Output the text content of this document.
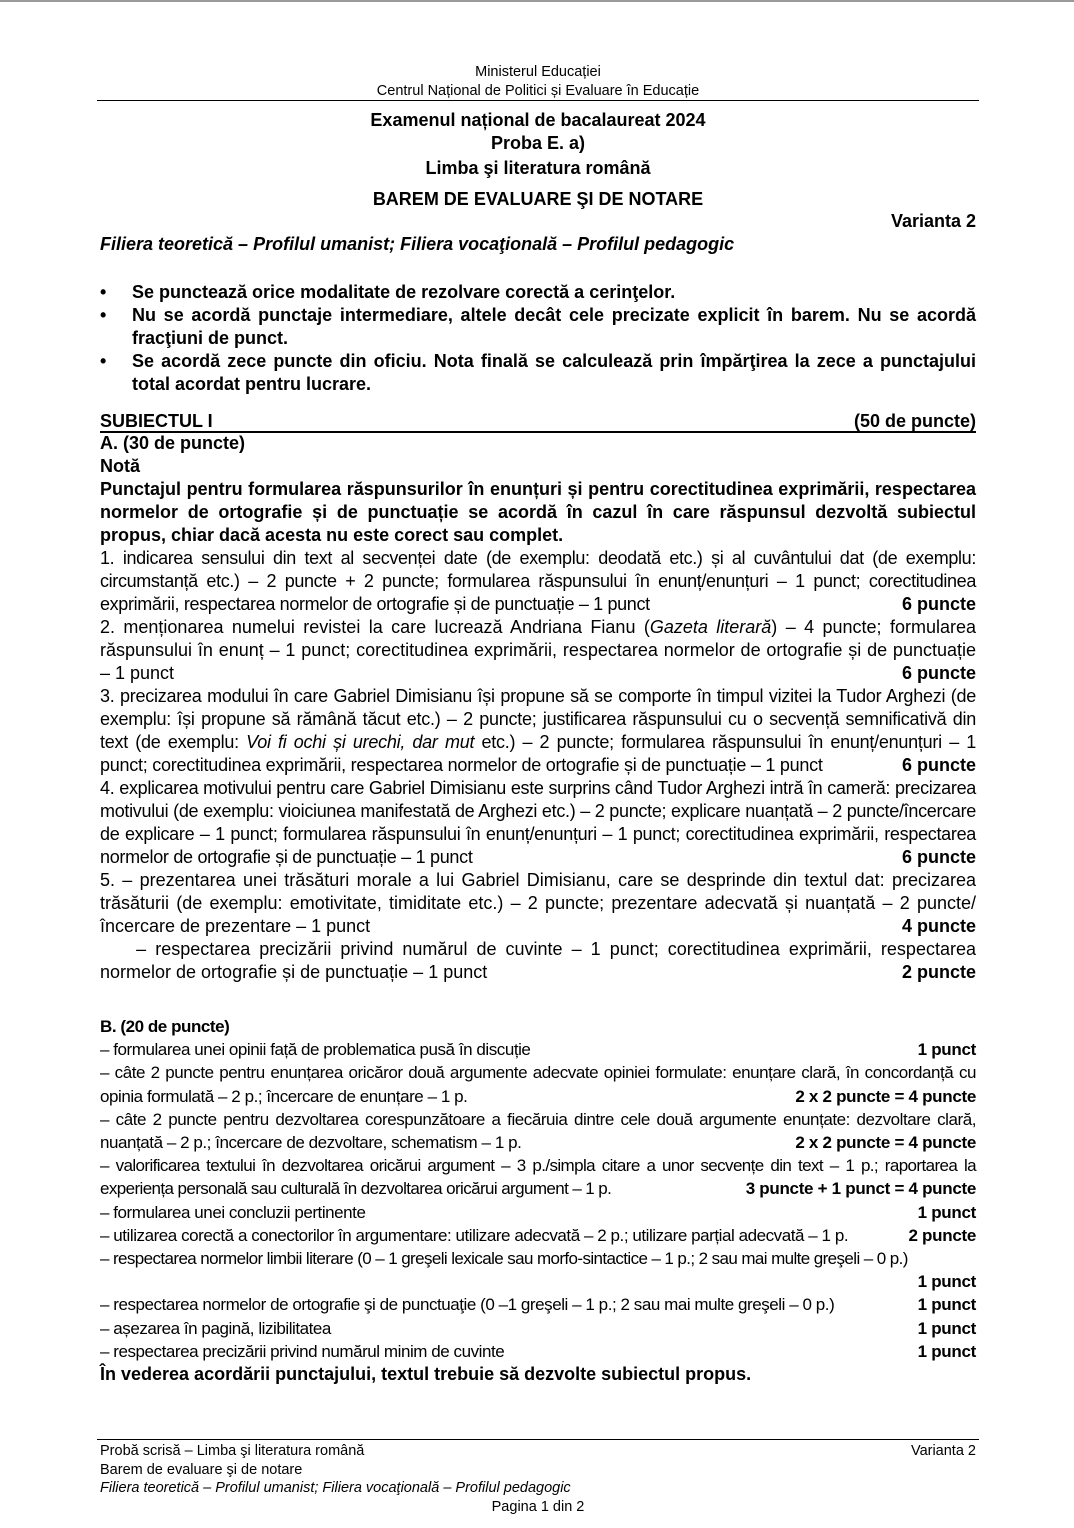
Ministerul Educației
Centrul Național de Politici și Evaluare în Educație
Examenul național de bacalaureat 2024
Proba E. a)
Limba şi literatura română
BAREM DE EVALUARE ŞI DE NOTARE
Varianta 2
Filiera teoretică – Profilul umanist; Filiera vocaţională – Profilul pedagogic

• Se punctează orice modalitate de rezolvare corectă a cerinţelor.

• Nu se acordă punctaje intermediare, altele decât cele precizate explicit în barem. Nu se acordă fracţiuni de punct.

• Se acordă zece puncte din oficiu. Nota finală se calculează prin împărţirea la zece a punctajului total acordat pentru lucrare.

SUBIECTUL I	(50 de puncte)

A. (30 de puncte)

Notă

Punctajul pentru formularea răspunsurilor în enunțuri și pentru corectitudinea exprimării, respectarea normelor de ortografie și de punctuație se acordă în cazul în care răspunsul dezvoltă subiectul propus, chiar dacă acesta nu este corect sau complet.

1. indicarea sensului din text al secvenței date (de exemplu: deodată etc.) și al cuvântului dat (de exemplu: circumstanță etc.) – 2 puncte + 2 puncte; formularea răspunsului în enunț/enunțuri – 1 punct; corectitudinea exprimării, respectarea normelor de ortografie și de punctuație – 1 punct	6 puncte

2. menționarea numelui revistei la care lucrează Andriana Fianu (Gazeta literară) – 4 puncte; formularea răspunsului în enunț – 1 punct; corectitudinea exprimării, respectarea normelor de ortografie și de punctuație – 1 punct	6 puncte

3. precizarea modului în care Gabriel Dimisianu își propune să se comporte în timpul vizitei la Tudor Arghezi (de exemplu: își propune să rămână tăcut etc.) – 2 puncte; justificarea răspunsului cu o secvență semnificativă din text (de exemplu: Voi fi ochi și urechi, dar mut etc.) – 2 puncte; formularea răspunsului în enunț/enunțuri – 1 punct; corectitudinea exprimării, respectarea normelor de ortografie și de punctuație – 1 punct	6 puncte

4. explicarea motivului pentru care Gabriel Dimisianu este surprins când Tudor Arghezi intră în cameră: precizarea motivului (de exemplu: vioiciunea manifestată de Arghezi etc.) – 2 puncte; explicare nuanțată – 2 puncte/încercare de explicare – 1 punct; formularea răspunsului în enunț/enunțuri – 1 punct; corectitudinea exprimării, respectarea normelor de ortografie și de punctuație – 1 punct	6 puncte

5. – prezentarea unei trăsături morale a lui Gabriel Dimisianu, care se desprinde din textul dat: precizarea trăsăturii (de exemplu: emotivitate, timiditate etc.) – 2 puncte; prezentare adecvată și nuanțată – 2 puncte/încercare de prezentare – 1 punct	4 puncte

– respectarea precizării privind numărul de cuvinte – 1 punct; corectitudinea exprimării, respectarea normelor de ortografie și de punctuație – 1 punct	2 puncte

B. (20 de puncte)

– formularea unei opinii față de problematica pusă în discuție	1 punct

– câte 2 puncte pentru enunțarea oricăror două argumente adecvate opiniei formulate: enunțare clară, în concordanță cu opinia formulată – 2 p.; încercare de enunțare – 1 p.	2 x 2 puncte = 4 puncte

– câte 2 puncte pentru dezvoltarea corespunzătoare a fiecăruia dintre cele două argumente enunțate: dezvoltare clară, nuanțată – 2 p.; încercare de dezvoltare, schematism – 1 p.	2 x 2 puncte = 4 puncte

– valorificarea textului în dezvoltarea oricărui argument – 3 p./simpla citare a unor secvențe din text – 1 p.; raportarea la experiența personală sau culturală în dezvoltarea oricărui argument – 1 p.	3 puncte + 1 punct = 4 puncte
– formularea unei concluzii pertinente	1 punct
– utilizarea corectă a conectorilor în argumentare: utilizare adecvată – 2 p.; utilizare parțial adecvată – 1 p.	2 puncte

– respectarea normelor limbii literare (0 – 1 greşeli lexicale sau morfo-sintactice – 1 p.; 2 sau mai multe greşeli – 0 p.)

1 punct
– respectarea normelor de ortografie şi de punctuaţie (0 –1 greşeli – 1 p.; 2 sau mai multe greşeli – 0 p.)	1 punct
– așezarea în pagină, lizibilitatea	1 punct
– respectarea precizării privind numărul minim de cuvinte	1 punct

În vederea acordării punctajului, textul trebuie să dezvolte subiectul propus.

Probă scrisă – Limba şi literatura română	Varianta 2

Barem de evaluare şi de notare

Filiera teoretică – Profilul umanist; Filiera vocaţională – Profilul pedagogic

Pagina 1 din 2
